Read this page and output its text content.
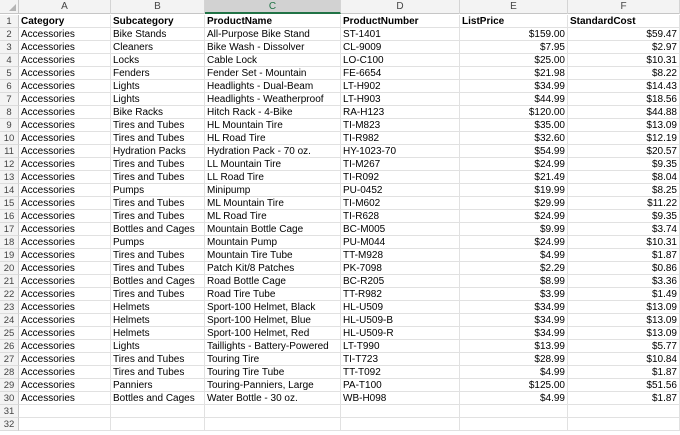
A	B	C	D	E	F
1 Category	Subcategory	ProductName	ProductNumber	ListPrice	StandardCost
2 Accessories	Bike Stands	All-Purpose Bike Stand	ST-1401	$159.00	$59.47
3 Accessories	Cleaners	Bike Wash - Dissolver	CL-9009	$7.95	$2.97
4 Accessories	Locks	Cable Lock	LO-C100	$25.00	$10.31
5 Accessories	Fenders	Fender Set - Mountain	FE-6654	$21.98	$8.22
6 Accessories	Lights	Headlights - Dual-Beam	LT-H902	$34.99	$14.43
7 Accessories	Lights	Headlights - Weatherproof	LT-H903	$44.99	$18.56
8 Accessories	Bike Racks	Hitch Rack - 4-Bike	RA-H123	$120.00	$44.88
9 Accessories	Tires and Tubes	HL Mountain Tire	TI-M823	$35.00	$13.09
10 Accessories	Tires and Tubes	HL Road Tire	TI-R982	$32.60	$12.19
11 Accessories	Hydration Packs	Hydration Pack - 70 oz.	HY-1023-70	$54.99	$20.57
12 Accessories	Tires and Tubes	LL Mountain Tire	TI-M267	$24.99	$9.35
13 Accessories	Tires and Tubes	LL Road Tire	TI-R092	$21.49	$8.04
14 Accessories	Pumps	Minipump	PU-0452	$19.99	$8.25
15 Accessories	Tires and Tubes	ML Mountain Tire	TI-M602	$29.99	$11.22
16 Accessories	Tires and Tubes	ML Road Tire	TI-R628	$24.99	$9.35
17 Accessories	Bottles and Cages	Mountain Bottle Cage	BC-M005	$9.99	$3.74
18 Accessories	Pumps	Mountain Pump	PU-M044	$24.99	$10.31
19 Accessories	Tires and Tubes	Mountain Tire Tube	TT-M928	$4.99	$1.87
20 Accessories	Tires and Tubes	Patch Kit/8 Patches	PK-7098	$2.29	$0.86
21 Accessories	Bottles and Cages	Road Bottle Cage	BC-R205	$8.99	$3.36
22 Accessories	Tires and Tubes	Road Tire Tube	TT-R982	$3.99	$1.49
23 Accessories	Helmets	Sport-100 Helmet, Black	HL-U509	$34.99	$13.09
24 Accessories	Helmets	Sport-100 Helmet, Blue	HL-U509-B	$34.99	$13.09
25 Accessories	Helmets	Sport-100 Helmet, Red	HL-U509-R	$34.99	$13.09
26 Accessories	Lights	Taillights - Battery-Powered	LT-T990	$13.99	$5.77
27 Accessories	Tires and Tubes	Touring Tire	TI-T723	$28.99	$10.84
28 Accessories	Tires and Tubes	Touring Tire Tube	TT-T092	$4.99	$1.87
29 Accessories	Panniers	Touring-Panniers, Large	PA-T100	$125.00	$51.56
30 Accessories	Bottles and Cages	Water Bottle - 30 oz.	WB-H098	$4.99	$1.87
31
32
